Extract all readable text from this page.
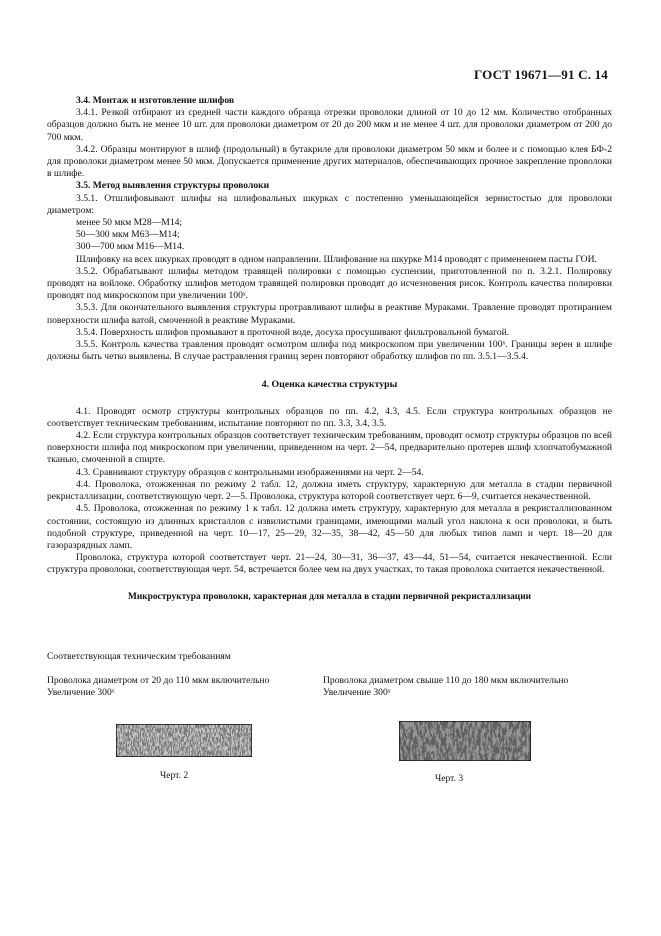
ГОСТ 19671—91 С. 14

3.4. Монтаж и изготовление шлифов

3.4.1. Резкой отбирают из средней части каждого образца отрезки проволоки длиной от 10 до 12 мм. Количество отобранных образцов должно быть не менее 10 шт. для проволоки диаметром от 20 до 200 мкм и не менее 4 шт. для проволоки диаметром от 200 до 700 мкм.

3.4.2. Образцы монтируют в шлиф (продольный) в бутакриле для проволоки диаметром 50 мкм и более и с помощью клея БФ-2 для проволоки диаметром менее 50 мкм. Допускается применение других материалов, обеспечивающих прочное закрепление проволоки в шлифе.

3.5. Метод выявления структуры проволоки

3.5.1. Отшлифовывают шлифы на шлифовальных шкурках с постепенно уменьшающейся зернистостью для проволоки диаметром:

менее 50 мкм М28—М14;

50—300 мкм М63—М14;

300—700 мкм М16—М14.

Шлифовку на всех шкурках проводят в одном направлении. Шлифование на шкурке М14 проводят с применением пасты ГОИ.

3.5.2. Обрабатывают шлифы методом травящей полировки с помощью суспензии, приготовленной по п. 3.2.1. Полировку проводят на войлоке. Обработку шлифов методом травящей полировки проводят до исчезновения рисок. Контроль качества полировки проводят под микроскопом при увеличении 100ˣ.

3.5.3. Для окончательного выявления структуры протравливают шлифы в реактиве Мураками. Травление проводят протиранием поверхности шлифа ватой, смоченной в реактиве Мураками.

3.5.4. Поверхность шлифов промывают в проточной воде, досуха просушивают фильтровальной бумагой.

3.5.5. Контроль качества травления проводят осмотром шлифа под микроскопом при увеличении 100ˣ. Границы зерен в шлифе должны быть четко выявлены. В случае растравления границ зерен повторяют обработку шлифов по пп. 3.5.1—3.5.4.

4. Оценка качества структуры

4.1. Проводят осмотр структуры контрольных образцов по пп. 4.2, 4.3, 4.5. Если структура контрольных образцов не соответствует техническим требованиям, испытание повторяют по пп. 3.3, 3.4, 3.5.

4.2. Если структура контрольных образцов соответствует техническим требованиям, проводят осмотр структуры образцов по всей поверхности шлифа под микроскопом при увеличении, приведенном на черт. 2—54, предварительно протерев шлиф хлопчатобумажной тканью, смоченной в спирте.

4.3. Сравнивают структуру образцов с контрольными изображениями на черт. 2—54.

4.4. Проволока, отожженная по режиму 2 табл. 12, должна иметь структуру, характерную для металла в стадии первичной рекристаллизации, соответствующую черт. 2—5. Проволока, структура которой соответствует черт. 6—9, считается некачественной.

4.5. Проволока, отожженная по режиму 1 к табл. 12 должна иметь структуру, характерную для металла в рекристаллизованном состоянии, состоящую из длинных кристаллов с извилистыми границами, имеющими малый угол наклона к оси проволоки, и быть подобной структуре, приведенной на черт. 10—17, 25—29, 32—35, 38—42, 45—50 для любых типов ламп и черт. 18—20 для газоразрядных ламп.

Проволока, структура которой соответствует черт. 21—24, 30—31, 36—37, 43—44, 51—54, считается некачественной. Если структура проволоки, соответствующая черт. 54, встречается более чем на двух участках, то такая проволока считается некачественной.

Микроструктура проволоки, характерная для металла в стадии первичной рекристаллизации

Соответствующая техническим требованиям
Проволока диаметром от 20 до 110 мкм включительно
Увеличение 300ˣ
Проволока диаметром свыше 110 до 180 мкм включительно
Увеличение 300ˣ
Черт. 2	Черт. 3
